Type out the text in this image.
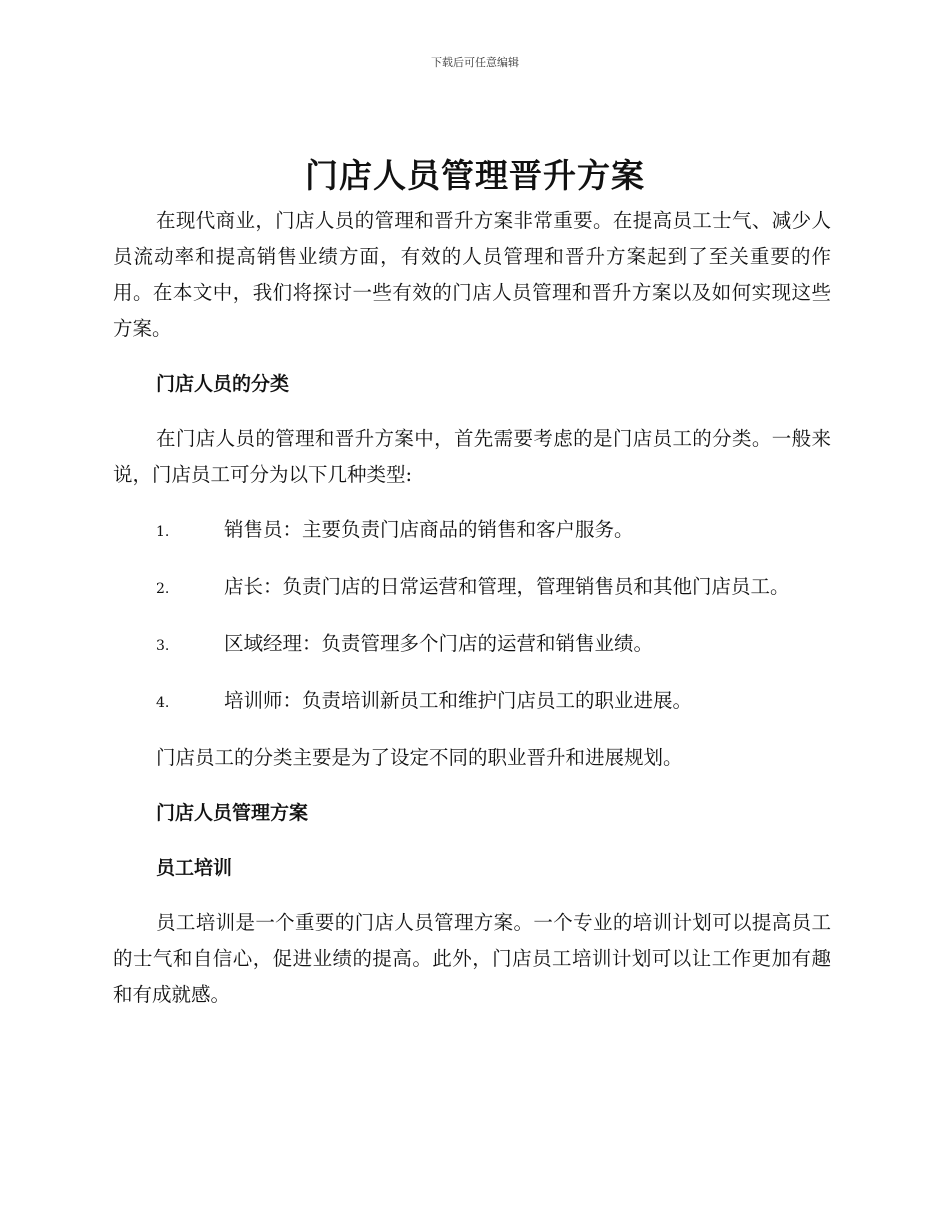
下载后可任意编辑
门店人员管理晋升方案

在现代商业，门店人员的管理和晋升方案非常重要。在提高员工士气、减少人员流动率和提高销售业绩方面，有效的人员管理和晋升方案起到了至关重要的作用。在本文中，我们将探讨一些有效的门店人员管理和晋升方案以及如何实现这些方案。

门店人员的分类

在门店人员的管理和晋升方案中，首先需要考虑的是门店员工的分类。一般来说，门店员工可分为以下几种类型:

1.	销售员：主要负责门店商品的销售和客户服务。

2.	店长：负责门店的日常运营和管理，管理销售员和其他门店员工。

3.	区域经理：负责管理多个门店的运营和销售业绩。

4.	培训师：负责培训新员工和维护门店员工的职业进展。

门店员工的分类主要是为了设定不同的职业晋升和进展规划。

门店人员管理方案

员工培训

员工培训是一个重要的门店人员管理方案。一个专业的培训计划可以提高员工的士气和自信心，促进业绩的提高。此外，门店员工培训计划可以让工作更加有趣和有成就感。
